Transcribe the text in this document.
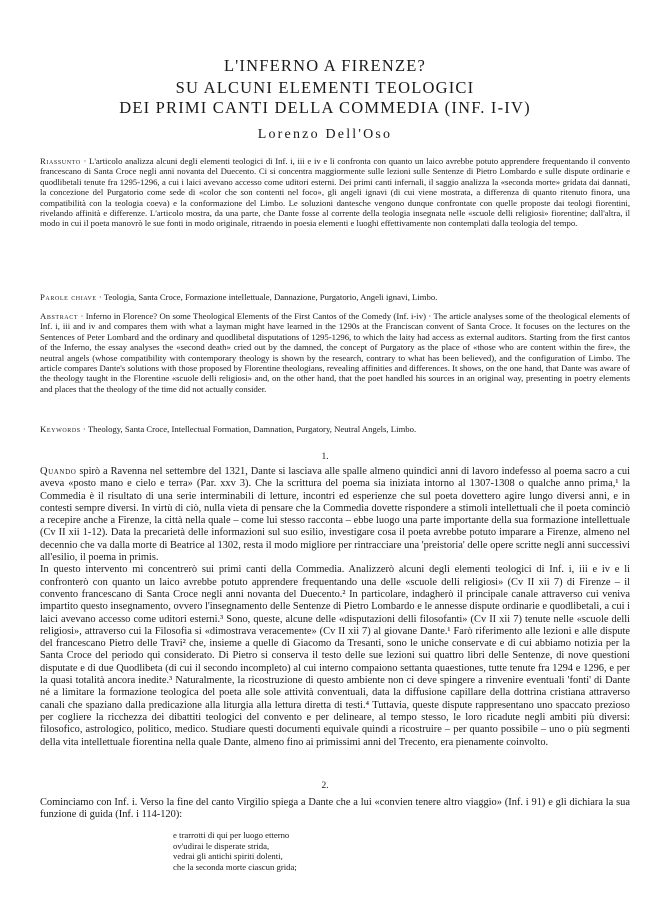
L'INFERNO A FIRENZE?
SU ALCUNI ELEMENTI TEOLOGICI
DEI PRIMI CANTI DELLA COMMEDIA (INF. I-IV)
Lorenzo Dell'Oso
Riassunto · L'articolo analizza alcuni degli elementi teologici di Inf. i, iii e iv e li confronta con quanto un laico avrebbe potuto apprendere frequentando il convento francescano di Santa Croce negli anni novanta del Duecento. Ci si concentra maggiormente sulle lezioni sulle Sentenze di Pietro Lombardo e sulle dispute ordinarie e quodlibetali tenute fra 1295-1296, a cui i laici avevano accesso come uditori esterni. Dei primi canti infernali, il saggio analizza la «seconda morte» gridata dai dannati, la concezione del Purgatorio come sede di «color che son contenti nel foco», gli angeli ignavi (di cui viene mostrata, a differenza di quanto ritenuto finora, una compatibilità con la teologia coeva) e la conformazione del Limbo. Le soluzioni dantesche vengono dunque confrontate con quelle proposte dai teologi fiorentini, rivelando affinità e differenze. L'articolo mostra, da una parte, che Dante fosse al corrente della teologia insegnata nelle «scuole delli religiosi» fiorentine; dall'altra, il modo in cui il poeta manovrò le sue fonti in modo originale, ritraendo in poesia elementi e luoghi effettivamente non contemplati dalla teologia del tempo.
Parole chiave · Teologia, Santa Croce, Formazione intellettuale, Dannazione, Purgatorio, Angeli ignavi, Limbo.
Abstract · Inferno in Florence? On some Theological Elements of the First Cantos of the Comedy (Inf. i-iv) · The article analyses some of the theological elements of Inf. i, iii and iv and compares them with what a layman might have learned in the 1290s at the Franciscan convent of Santa Croce. It focuses on the lectures on the Sentences of Peter Lombard and the ordinary and quodlibetal disputations of 1295-1296, to which the laity had access as external auditors. Starting from the first cantos of the Inferno, the essay analyses the «second death» cried out by the damned, the concept of Purgatory as the place of «those who are content within the fire», the neutral angels (whose compatibility with contemporary theology is shown by the research, contrary to what has been believed), and the configuration of Limbo. The article compares Dante's solutions with those proposed by Florentine theologians, revealing affinities and differences. It shows, on the one hand, that Dante was aware of the theology taught in the Florentine «scuole delli religiosi» and, on the other hand, that the poet handled his sources in an original way, presenting in poetry elements and places that the theology of the time did not actually consider.
Keywords · Theology, Santa Croce, Intellectual Formation, Damnation, Purgatory, Neutral Angels, Limbo.
1.

Quando spirò a Ravenna nel settembre del 1321, Dante si lasciava alle spalle almeno quindici anni di lavoro indefesso al poema sacro a cui aveva «posto mano e cielo e terra» (Par. xxv 3). Che la scrittura del poema sia iniziata intorno al 1307-1308 o qualche anno prima,¹ la Commedia è il risultato di una serie interminabili di letture, incontri ed esperienze che sul poeta dovettero agire lungo diversi anni, e in contesti sempre diversi. In virtù di ciò, nulla vieta di pensare che la Commedia dovette rispondere a stimoli intellettuali che il poeta cominciò a recepire anche a Firenze, la città nella quale – come lui stesso racconta – ebbe luogo una parte importante della sua formazione intellettuale (Cv II xii 1-12). Data la precarietà delle informazioni sul suo esilio, investigare cosa il poeta avrebbe potuto imparare a Firenze, almeno nel decennio che va dalla morte di Beatrice al 1302, resta il modo migliore per rintracciare una 'preistoria' delle opere scritte negli anni successivi all'esilio, il poema in primis.

In questo intervento mi concentrerò sui primi canti della Commedia. Analizzerò alcuni degli elementi teologici di Inf. i, iii e iv e li confronterò con quanto un laico avrebbe potuto apprendere frequentando una delle «scuole delli religiosi» (Cv II xii 7) di Firenze – il convento francescano di Santa Croce negli anni novanta del Duecento.² In particolare, indagherò il principale canale attraverso cui veniva impartito questo insegnamento, ovvero l'insegnamento delle Sentenze di Pietro Lombardo e le annesse dispute ordinarie e quodlibetali, a cui i laici avevano accesso come uditori esterni.³ Sono, queste, alcune delle «disputazioni delli filosofanti» (Cv II xii 7) tenute nelle «scuole delli religiosi», attraverso cui la Filosofia si «dimostrava veracemente» (Cv II xii 7) al giovane Dante.¹ Farò riferimento alle lezioni e alle dispute del francescano Pietro delle Travi² che, insieme a quelle di Giacomo da Tresanti, sono le uniche conservate e di cui abbiamo notizia per la Santa Croce del periodo qui considerato. Di Pietro si conserva il testo delle sue lezioni sui quattro libri delle Sentenze, di nove questioni disputate e di due Quodlibeta (di cui il secondo incompleto) al cui interno compaiono settanta quaestiones, tutte tenute fra 1294 e 1296, e per la quasi totalità ancora inedite.³ Naturalmente, la ricostruzione di questo ambiente non ci deve spingere a rinvenire eventuali 'fonti' di Dante né a limitare la formazione teologica del poeta alle sole attività conventuali, data la diffusione capillare della dottrina cristiana attraverso canali che spaziano dalla predicazione alla liturgia alla lettura diretta di testi.⁴ Tuttavia, queste dispute rappresentano uno spaccato prezioso per cogliere la ricchezza dei dibattiti teologici del convento e per delineare, al tempo stesso, le loro ricadute negli ambiti più diversi: filosofico, astrologico, politico, medico. Studiare questi documenti equivale quindi a ricostruire – per quanto possibile – uno o più segmenti della vita intellettuale fiorentina nella quale Dante, almeno fino ai primissimi anni del Trecento, era pienamente coinvolto.

2.

Cominciamo con Inf. i. Verso la fine del canto Virgilio spiega a Dante che a lui «convien tenere altro viaggio» (Inf. i 91) e gli dichiara la sua funzione di guida (Inf. i 114-120):

e trarrotti di qui per luogo etterno
ov'udirai le disperate strida,
vedrai gli antichi spiriti dolenti,
che la seconda morte ciascun grida;
